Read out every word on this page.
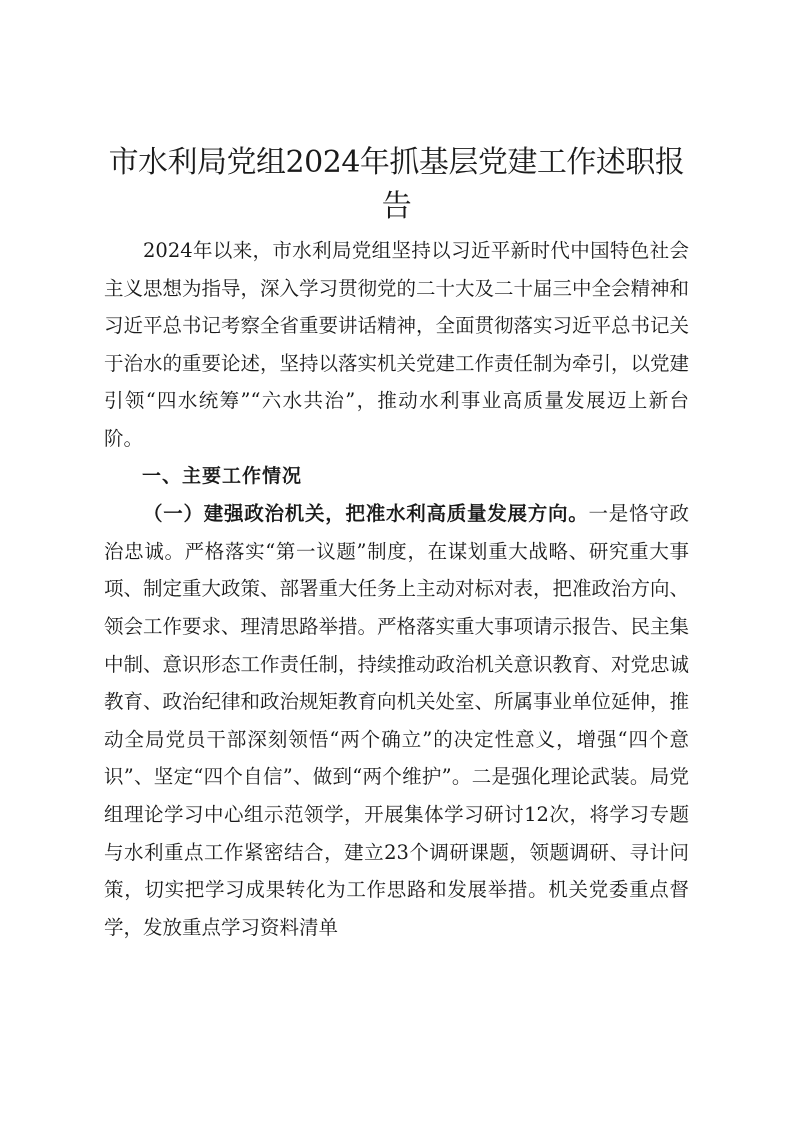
市水利局党组2024年抓基层党建工作述职报告

2024年以来，市水利局党组坚持以习近平新时代中国特色社会主义思想为指导，深入学习贯彻党的二十大及二十届三中全会精神和习近平总书记考察全省重要讲话精神，全面贯彻落实习近平总书记关于治水的重要论述，坚持以落实机关党建工作责任制为牵引，以党建引领“四水统筹”“六水共治”，推动水利事业高质量发展迈上新台阶。

一、主要工作情况

（一）建强政治机关，把准水利高质量发展方向。一是恪守政治忠诚。严格落实“第一议题”制度，在谋划重大战略、研究重大事项、制定重大政策、部署重大任务上主动对标对表，把准政治方向、领会工作要求、理清思路举措。严格落实重大事项请示报告、民主集中制、意识形态工作责任制，持续推动政治机关意识教育、对党忠诚教育、政治纪律和政治规矩教育向机关处室、所属事业单位延伸，推动全局党员干部深刻领悟“两个确立”的决定性意义，增强“四个意识”、坚定“四个自信”、做到“两个维护”。二是强化理论武装。局党组理论学习中心组示范领学，开展集体学习研讨12次，将学习专题与水利重点工作紧密结合，建立23个调研课题，领题调研、寻计问策，切实把学习成果转化为工作思路和发展举措。机关党委重点督学，发放重点学习资料清单
